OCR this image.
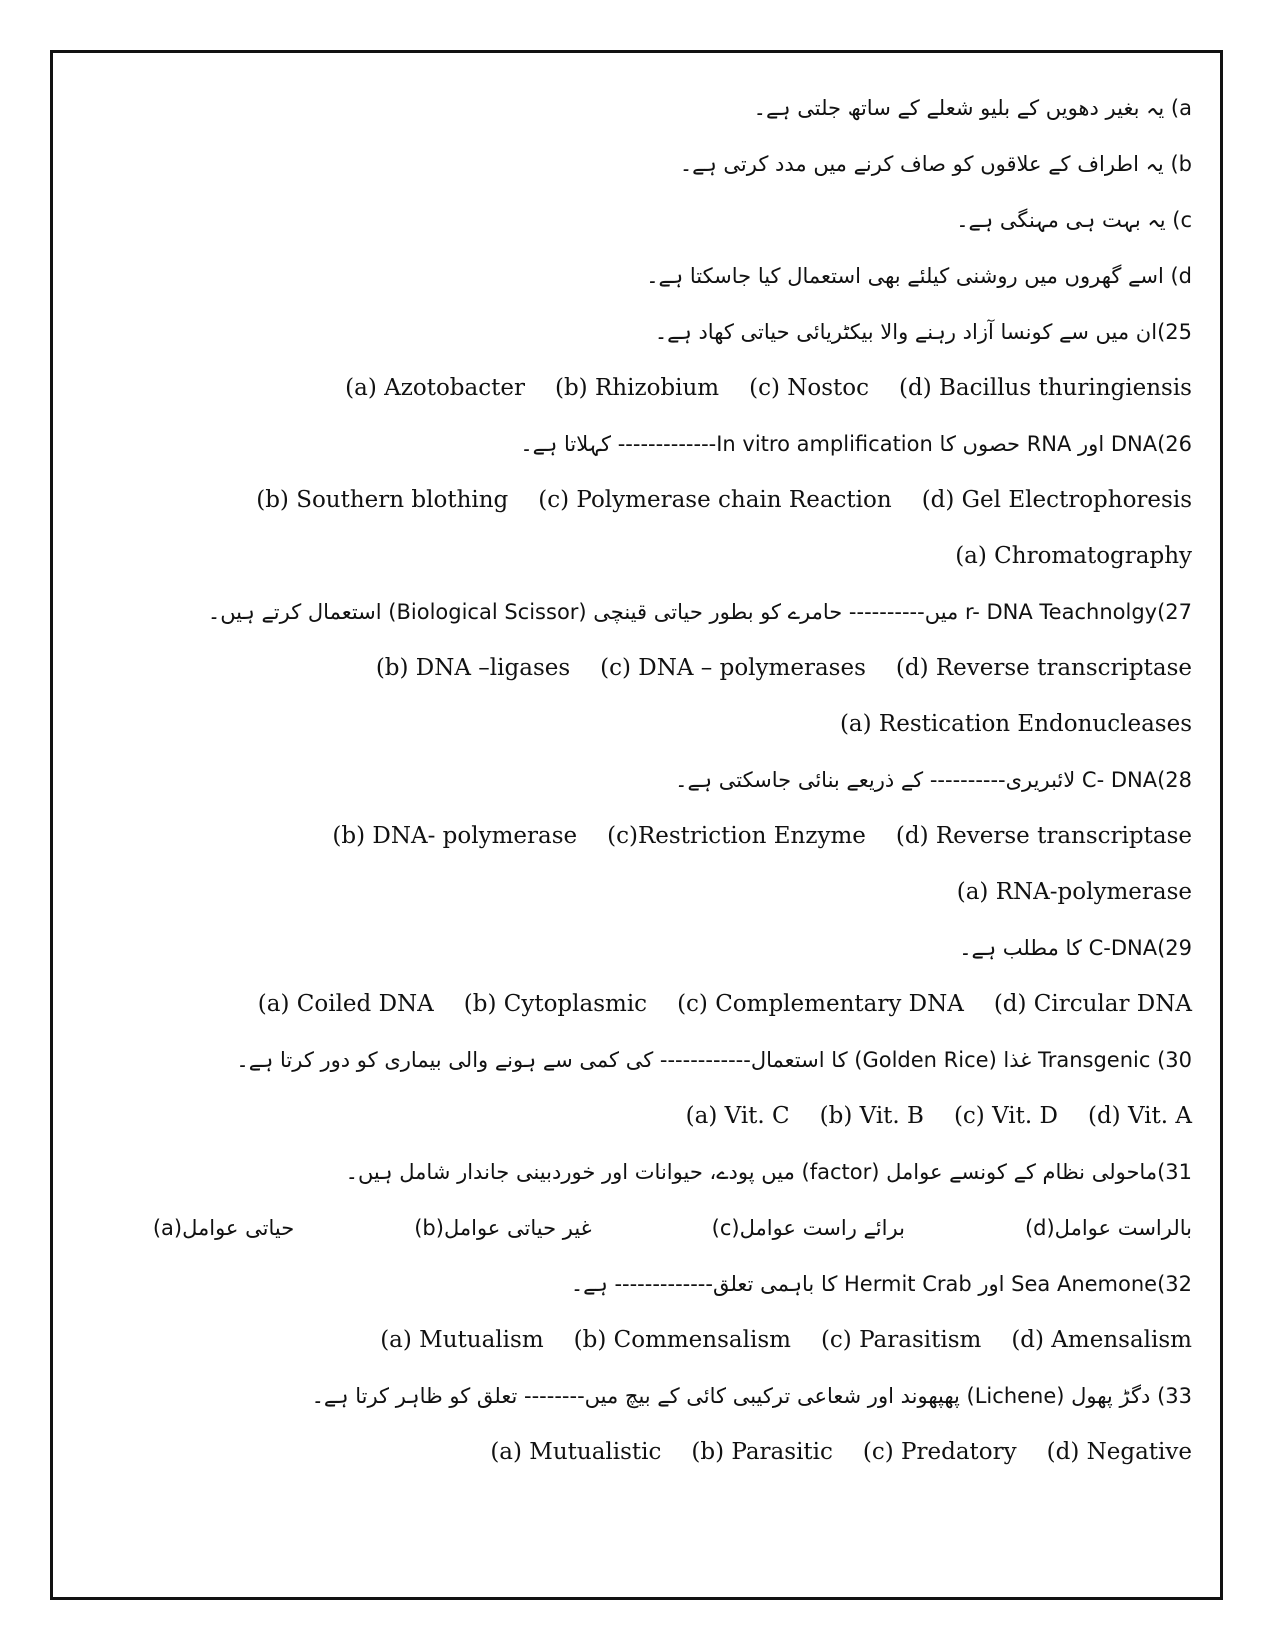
a) یہ بغیر دھویں کے بلیو شعلے کے ساتھ جلتی ہے۔
b) یہ اطراف کے علاقوں کو صاف کرنے میں مدد کرتی ہے۔
c) یہ بہت ہی مہنگی ہے۔
d) اسے گھروں میں روشنی کیلئے بھی استعمال کیا جاسکتا ہے۔
25)ان میں سے کونسا آزاد رہنے والا بیکٹریائی حیاتی کھاد ہے۔
(a) Azotobacter (b) Rhizobium (c) Nostoc (d) Bacillus thuringiensis
DNA(26 اور RNA حصوں کا In vitro amplification------------- کہلاتا ہے۔
(b) Southern blothing (c) Polymerase chain Reaction (d) Gel Electrophoresis
(a) Chromatography
r- DNA Teachnolgy(27 میں---------- حامرے کو بطور حیاتی قینچی (Biological Scissor) استعمال کرتے ہیں۔
(b) DNA –ligases (c) DNA – polymerases (d) Reverse transcriptase
(a) Restication Endonucleases
C- DNA(28 لائبریری---------- کے ذریعے بنائی جاسکتی ہے۔
(b) DNA- polymerase (c)Restriction Enzyme (d) Reverse transcriptase
(a) RNA-polymerase
C-DNA(29 کا مطلب ہے۔
(a) Coiled DNA (b) Cytoplasmic (c) Complementary DNA (d) Circular DNA
30) Transgenic غذا (Golden Rice) کا استعمال------------ کی کمی سے ہونے والی بیماری کو دور کرتا ہے۔
(a) Vit. C (b) Vit. B (c) Vit. D (d) Vit. A
31)ماحولی نظام کے کونسے عوامل (factor) میں پودے، حیوانات اور خوردبینی جاندار شامل ہیں۔
بالراست عوامل(d)
برائے راست عوامل(c)
غیر حیاتی عوامل(b)
حیاتی عوامل(a)
Sea Anemone(32 اور Hermit Crab کا باہمی تعلق------------- ہے۔
(a) Mutualism (b) Commensalism (c) Parasitism (d) Amensalism
33) دگڑ پھول (Lichene) پھپھوند اور شعاعی ترکیبی کائی کے بیچ میں-------- تعلق کو ظاہر کرتا ہے۔
(a) Mutualistic (b) Parasitic (c) Predatory (d) Negative
